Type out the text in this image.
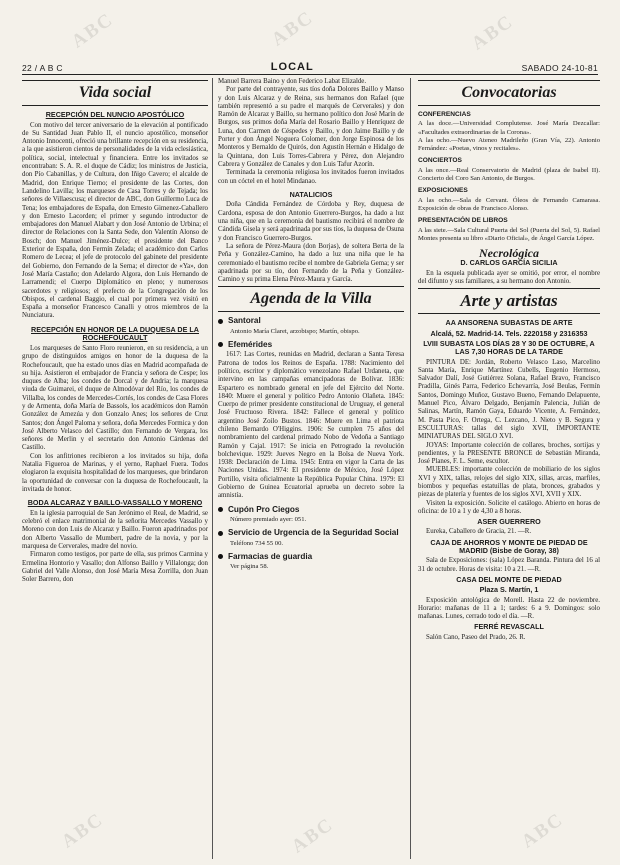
ABC	ABC	ABC
ABC	ABC	ABC
22 / A B C	LOCAL	SABADO 24-10-81
Vida social
RECEPCIÓN DEL NUNCIO APOSTÓLICO

Con motivo del tercer aniversario de la elevación al pontificado de Su Santidad Juan Pablo II, el nuncio apostólico, monseñor Antonio Innocenti, ofreció una brillante recepción en su residencia, a la que asistieron cientos de personalidades de la vida eclesiástica, política, social, intelectual y financiera. Entre los invitados se encontraban: S. A. R. el duque de Cádiz; los ministros de Justicia, don Pío Cabanillas, y de Cultura, don Iñigo Cavero; el alcalde de Madrid, don Enrique Tierno; el presidente de las Cortes, don Landelino Lavilla; los marqueses de Casa Torres y de Tejada; los señores de Villaescusa; el director de ABC, don Guillermo Luca de Tena; los embajadores de España, don Ernesto Gimenez-Caballero y don Ernesto Lacorden; el primer y segundo introductor de embajadores don Manuel Alabart y don José Antonio de Urbina; el director de Relaciones con la Santa Sede, don Valentín Alonso de Bosch; don Manuel Jiménez-Dulce; el presidente del Banco Exterior de España, don Fermín Zelada; el académico don Carlos Romero de Lecea; el jefe de protocolo del gabinete del presidente del Gobierno, don Fernando de la Serna; el director de «Ya», don José María Castaño; don Adelardo Algora, don Luis Hernando de Larramendi; el Cuerpo Diplomático en pleno; y numerosos sacerdotes y religiosos; el prefecto de la Congregación de los Obispos, el cardenal Baggio, el cual por primera vez visitó en España a monseñor Francesco Canalli y otros miembros de la Nunciatura.

RECEPCIÓN EN HONOR DE LA DUQUESA DE LA ROCHEFOUCAULT

Los marqueses de Santo Floro reunieron, en su residencia, a un grupo de distinguidos amigos en honor de la duquesa de la Rochefoucault, que ha estado unos días en Madrid acompañada de su hija. Asistieron el embajador de Francia y señora de Cespe; los duques de Alba; los condes de Dorcal y de Andria; la marquesa viuda de Guimarei, el duque de Almodóvar del Río, los condes de Villalba, los condes de Mercedes-Cortés, los condes de Casa Flores y de Armenta, doña María de Bassols, los académicos don Ramón González de Amezúa y don Gonzalo Anes; los señores de Cruz Santos; don Ángel Paloma y señora, doña Mercedes Formica y don José Alberto Velasco del Castillo; don Fernando de Vergara, los señores de Merlin y el secretario don Antonio Cárdenas del Castillo.

Con los anfitriones recibieron a los invitados su hija, doña Natalia Figueroa de Marinas, y el yerno, Raphael Fuera. Todos elogiaron la exquisita hospitalidad de los marqueses, que brindaron la oportunidad de conversar con la duquesa de Rochefoucault, la invitada de honor.

BODA ALCARAZ Y BAILLO-VASSALLO Y MORENO

En la iglesia parroquial de San Jerónimo el Real, de Madrid, se celebró el enlace matrimonial de la señorita Mercedes Vassallo y Moreno con don Luis de Alcaraz y Baillo. Fueron apadrinados por don Alberto Vassallo de Mumbert, padre de la novia, y por la marquesa de Cerverales, madre del novio.

Firmaron como testigos, por parte de ella, sus primos Carmina y Ermelina Hontorio y Vasallo; don Alfonso Baillo y Villalonga; don Gabriel del Valle Alonso, don José María Mesa Zorrilla, don Juan Soler Barrero, don

Manuel Barrera Baino y don Federico Labat Elizalde.

Por parte del contrayente, sus tíos doña Dolores Baillo y Manso y don Luis Alcaraz y de Reina, sus hermanos don Rafael (que también representó a su padre el marqués de Cerverales) y don Ramón de Alcaraz y Baillo, su hermano político don José Marín de Burgos, sus primos doña María del Rosario Baillo y Henríquez de Luna, don Carmen de Céspedes y Baillo, y don Jaime Baillo y de Porter y don Ángel Noguera Colomer, don Jorge Espinosa de los Monteros y Bernaldo de Quirós, don Agustín Hernán e Hidalgo de la Quintana, don Luis Torres-Cabrera y Pérez, don Alejandro Cabrera y González de Canales y don Luis Tafur Azorín.

Terminada la ceremonia religiosa los invitados fueron invitados con un cóctel en el hotel Mindanao.

NATALICIOS

Doña Cándida Fernández de Córdoba y Rey, duquesa de Cardona, esposa de don Antonio Guerrero-Burgos, ha dado a luz una niña, que en la ceremonia del bautismo recibirá el nombre de Cándida Gisela y será apadrinada por sus tíos, la duquesa de Osuna y don Francisco Guerrero-Burgos.

La señora de Pérez-Maura (don Borjas), de soltera Berta de la Peña y González-Camino, ha dado a luz una niña que le ha ceremoniado el bautismo recibe el nombre de Gabriela Gema; y ser apadrinada por su tío, don Fernando de la Peña y González-Camino y su prima Elena Pérez-Maura y García.

Agenda de la Villa
Santoral

Antonio María Claret, arzobispo; Martín, obispo.

Efemérides

1617: Las Cortes, reunidas en Madrid, declaran a Santa Teresa Patrona de todos los Reinos de España. 1788: Nacimiento del político, escritor y diplomático venezolano Rafael Urdaneta, que intervino en las campañas emancipadoras de Bolívar. 1836: Espartero es nombrado general en jefe del Ejército del Norte. 1840: Muere el general y político Pedro Antonio Olañeta. 1845: Cuerpo de primer presidente constitucional de Uruguay, el general José Fructuoso Rivera. 1842: Fallece el general y político argentino José Zoilo Bustos. 1846: Muere en Lima el patriota chileno Bernardo O'Higgins. 1906: Se cumplen 75 años del nombramiento del cardenal primado Nobo de Vedoña a Santiago Ramón y Cajal. 1917: Se inicia en Petrogrado la revolución bolchevique. 1929: Jueves Negro en la Bolsa de Nueva York. 1938: Declaración de Lima. 1945: Entra en vigor la Carta de las Naciones Unidas. 1974: El presidente de México, José López Portillo, visita oficialmente la República Popular China. 1979: El Gobierno de Guinea Ecuatorial aprueba un decreto sobre la amnistía.

Cupón Pro Ciegos

Número premiado ayer: 051.

Servicio de Urgencia de la Seguridad Social

Teléfono 734 55 00.

Farmacias de guardia

Ver página 58.

Convocatorias
CONFERENCIAS

A las doce.—Universidad Complutense. José María Dezcallar: «Facultades extraordinarias de la Corona».

A las ocho.—Nuevo Ateneo Madrileño (Gran Vía, 22). Antonio Fernández: «Poetas, vinos y recitales».

CONCIERTOS

A las once.—Real Conservatorio de Madrid (plaza de Isabel II). Concierto del Coro San Antonio, de Burgos.

EXPOSICIONES

A las ocho.—Sala de Cervant. Óleos de Fernando Camarasa. Exposición de obras de Francisco Alonso.

PRESENTACIÓN DE LIBROS

A las siete.—Sala Cultural Puerta del Sol (Puerta del Sol, 5). Rafael Montes presenta su libro «Diario Oficial», de Ángel García López.

Necrológica
D. CARLOS GARCÍA SICILIA

En la esquela publicada ayer se omitió, por error, el nombre del difunto y sus familiares, a su hermano don Antonio.

Arte y artistas
AA ANSORENA SUBASTAS DE ARTE
Alcalá, 52. Madrid-14. Tels. 2220158 y 2316353
LVIII SUBASTA LOS DÍAS 28 Y 30 DE OCTUBRE, A LAS 7,30 HORAS DE LA TARDE

PINTURA DE: Jordán, Roberto Velasco Laso, Marcelino Santa María, Enrique Martínez Cubells, Eugenio Hermoso, Salvador Dalí, José Gutiérrez Solana, Rafael Bravo, Francisco Pradilla, Ginés Parra, Federico Echevarría, José Beulas, Fermín Santos, Domingo Muñoz, Gustavo Bueno, Fernando Delapuente, Manuel Pico, Álvaro Delgado, Benjamín Palencia, Julián de Salinas, Martín, Ramón Gaya, Eduardo Vicente, A. Fernández, M. Pasta Pico, F. Ortega, C. Lezcano, J. Nieto y B. Segura y ESCULTURAS: tallas del siglo XVII, IMPORTANTE MINIATURAS DEL SIGLO XVI.

JOYAS: Importante colección de collares, broches, sortijas y pendientes, y la PRESENTE BRONCE de Sebastián Miranda, José Planes, F. L. Seme, escultor.

MUEBLES: importante colección de mobiliario de los siglos XVI y XIX, tallas, relojes del siglo XIX, sillas, arcas, marfiles, biombos y pequeñas estatuillas de plata, bronces, grabados y piezas de platería y fuentes de los siglos XVI, XVII y XIX.

Visiten la exposición. Solicite el catálogo. Abierto en horas de oficina: de 10 a 1 y de 4,30 a 8 horas.

ASER GUERRERO

Eureka, Caballero de Gracia, 21. —R.

CAJA DE AHORROS Y MONTE DE PIEDAD DE MADRID (Bisbe de Goray, 38)

Sala de Exposiciones: (sala) López Baranda. Pintura del 16 al 31 de octubre. Horas de visita: 10 a 21. —R.

CASA DEL MONTE DE PIEDAD
Plaza S. Martín, 1

Exposición antológica de Morell. Hasta 22 de noviembre. Horario: mañanas de 11 a 1; tardes: 6 a 9. Domingos: solo mañanas. Lunes, cerrado todo el día. —R.

FERRÉ REVASCALL

Salón Cano, Paseo del Prado, 26. R.
